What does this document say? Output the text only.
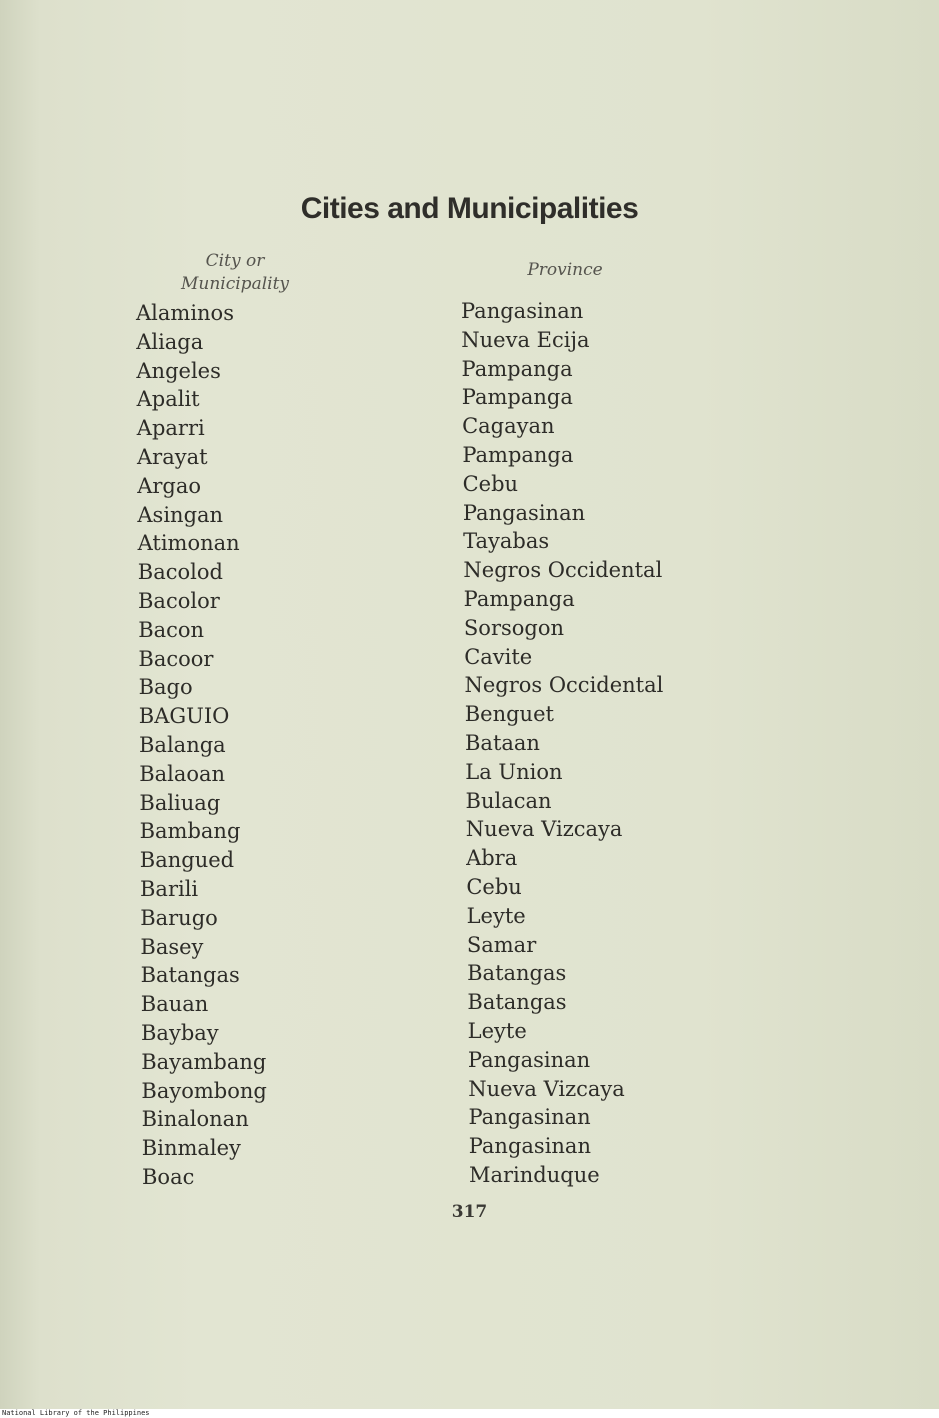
Cities and Municipalities
City or
Municipality
Province
Alaminos	Pangasinan
Aliaga	Nueva Ecija
Angeles	Pampanga
Apalit	Pampanga
Aparri	Cagayan
Arayat	Pampanga
Argao	Cebu
Asingan	Pangasinan
Atimonan	Tayabas
Bacolod	Negros Occidental
Bacolor	Pampanga
Bacon	Sorsogon
Bacoor	Cavite
Bago	Negros Occidental
BAGUIO	Benguet
Balanga	Bataan
Balaoan	La Union
Baliuag	Bulacan
Bambang	Nueva Vizcaya
Bangued	Abra
Barili	Cebu
Barugo	Leyte
Basey	Samar
Batangas	Batangas
Bauan	Batangas
Baybay	Leyte
Bayambang	Pangasinan
Bayombong	Nueva Vizcaya
Binalonan	Pangasinan
Binmaley	Pangasinan
Boac	Marinduque
317
National Library of the Philippines
